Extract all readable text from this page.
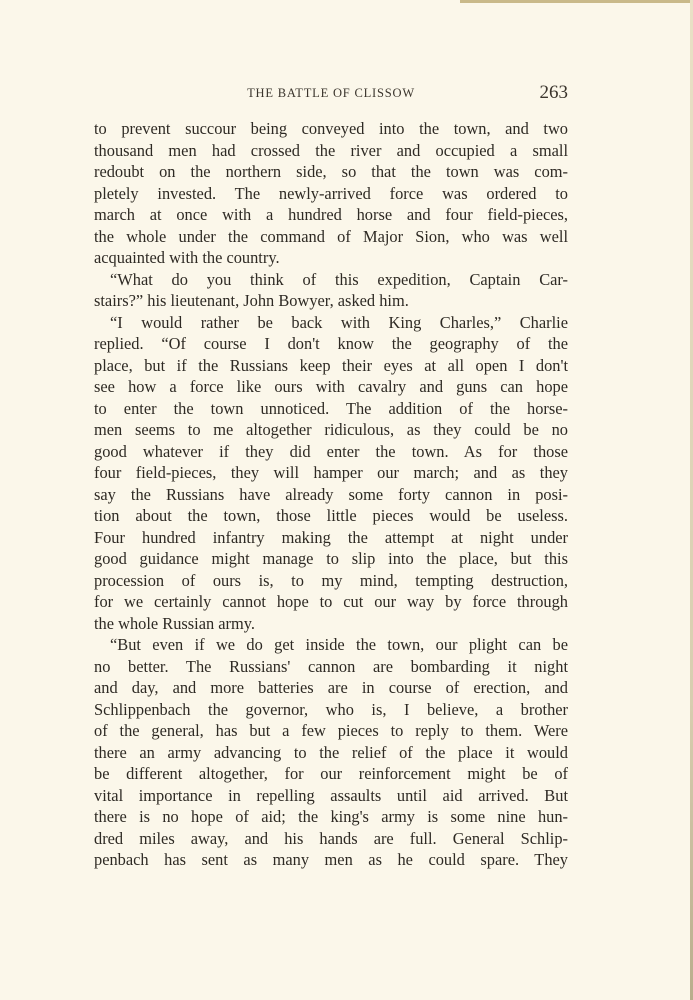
THE BATTLE OF CLISSOW	263
to prevent succour being conveyed into the town, and two
thousand men had crossed the river and occupied a small
redoubt on the northern side, so that the town was com-
pletely invested. The newly-arrived force was ordered to
march at once with a hundred horse and four field-pieces,
the whole under the command of Major Sion, who was well
acquainted with the country.
“What do you think of this expedition, Captain Car-
stairs?” his lieutenant, John Bowyer, asked him.
“I would rather be back with King Charles,” Charlie
replied. “Of course I don't know the geography of the
place, but if the Russians keep their eyes at all open I don't
see how a force like ours with cavalry and guns can hope
to enter the town unnoticed. The addition of the horse-
men seems to me altogether ridiculous, as they could be no
good whatever if they did enter the town. As for those
four field-pieces, they will hamper our march; and as they
say the Russians have already some forty cannon in posi-
tion about the town, those little pieces would be useless.
Four hundred infantry making the attempt at night under
good guidance might manage to slip into the place, but this
procession of ours is, to my mind, tempting destruction,
for we certainly cannot hope to cut our way by force through
the whole Russian army.
“But even if we do get inside the town, our plight can be
no better. The Russians' cannon are bombarding it night
and day, and more batteries are in course of erection, and
Schlippenbach the governor, who is, I believe, a brother
of the general, has but a few pieces to reply to them. Were
there an army advancing to the relief of the place it would
be different altogether, for our reinforcement might be of
vital importance in repelling assaults until aid arrived. But
there is no hope of aid; the king's army is some nine hun-
dred miles away, and his hands are full. General Schlip-
penbach has sent as many men as he could spare. They
